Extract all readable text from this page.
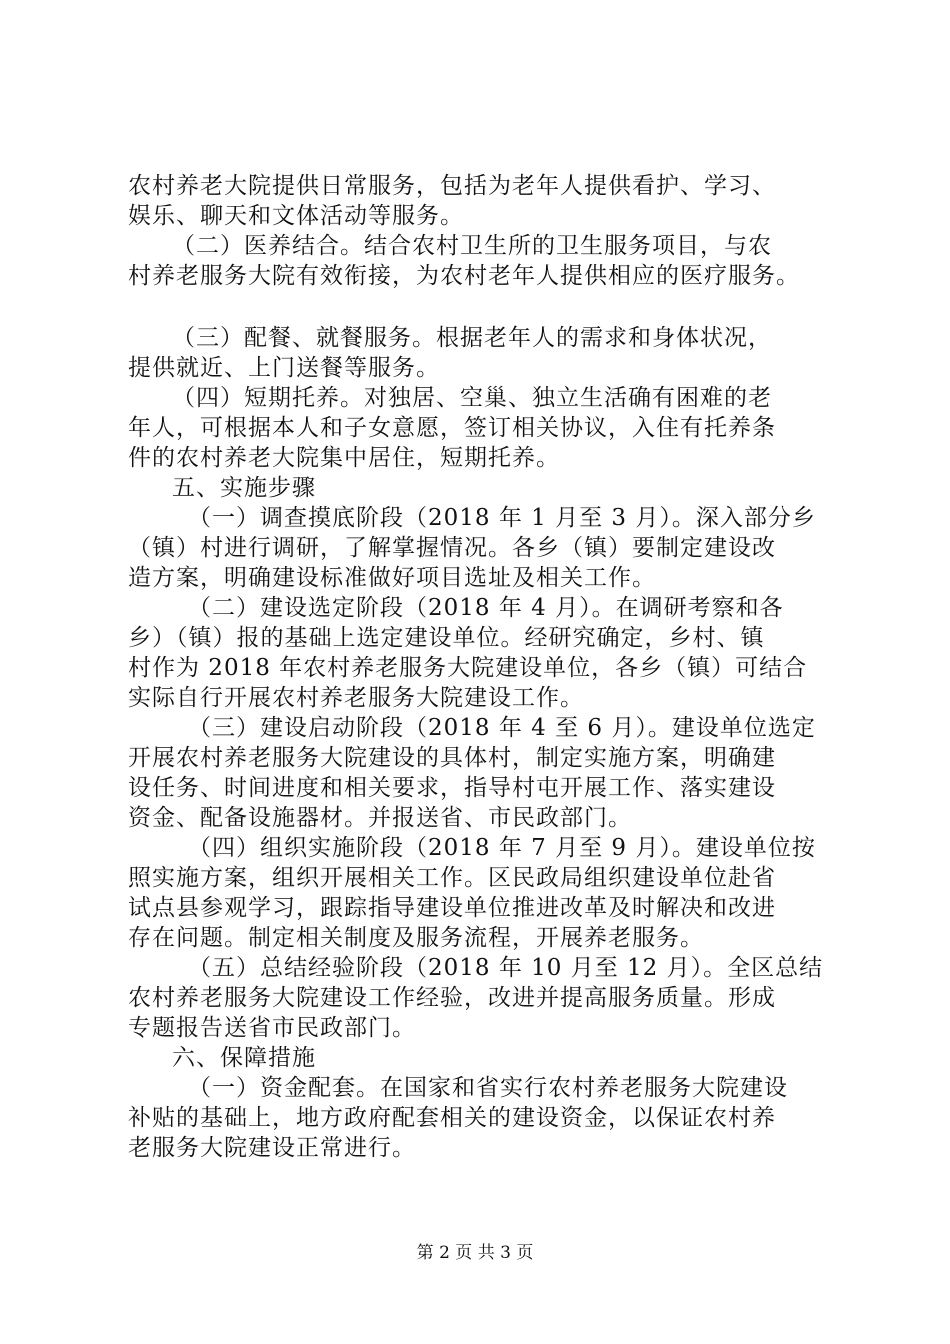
农村养老大院提供日常服务，包括为老年人提供看护、学习、
娱乐、聊天和文体活动等服务。
（二）医养结合。结合农村卫生所的卫生服务项目，与农
村养老服务大院有效衔接，为农村老年人提供相应的医疗服务。
（三）配餐、就餐服务。根据老年人的需求和身体状况，
提供就近、上门送餐等服务。
（四）短期托养。对独居、空巢、独立生活确有困难的老
年人，可根据本人和子女意愿，签订相关协议，入住有托养条
件的农村养老大院集中居住，短期托养。
五、实施步骤
（一）调查摸底阶段（2018 年 1 月至 3 月）。深入部分乡
（镇）村进行调研，了解掌握情况。各乡（镇）要制定建设改
造方案，明确建设标准做好项目选址及相关工作。
（二）建设选定阶段（2018 年 4 月）。在调研考察和各
乡）（镇）报的基础上选定建设单位。经研究确定，乡村、镇
村作为 2018 年农村养老服务大院建设单位，各乡（镇）可结合
实际自行开展农村养老服务大院建设工作。
（三）建设启动阶段（2018 年 4 至 6 月）。建设单位选定
开展农村养老服务大院建设的具体村，制定实施方案，明确建
设任务、时间进度和相关要求，指导村屯开展工作、落实建设
资金、配备设施器材。并报送省、市民政部门。
（四）组织实施阶段（2018 年 7 月至 9 月）。建设单位按
照实施方案，组织开展相关工作。区民政局组织建设单位赴省
试点县参观学习，跟踪指导建设单位推进改革及时解决和改进
存在问题。制定相关制度及服务流程，开展养老服务。
（五）总结经验阶段（2018 年 10 月至 12 月）。全区总结
农村养老服务大院建设工作经验，改进并提高服务质量。形成
专题报告送省市民政部门。
六、保障措施
（一）资金配套。在国家和省实行农村养老服务大院建设
补贴的基础上，地方政府配套相关的建设资金，以保证农村养
老服务大院建设正常进行。
第 2 页 共 3 页
